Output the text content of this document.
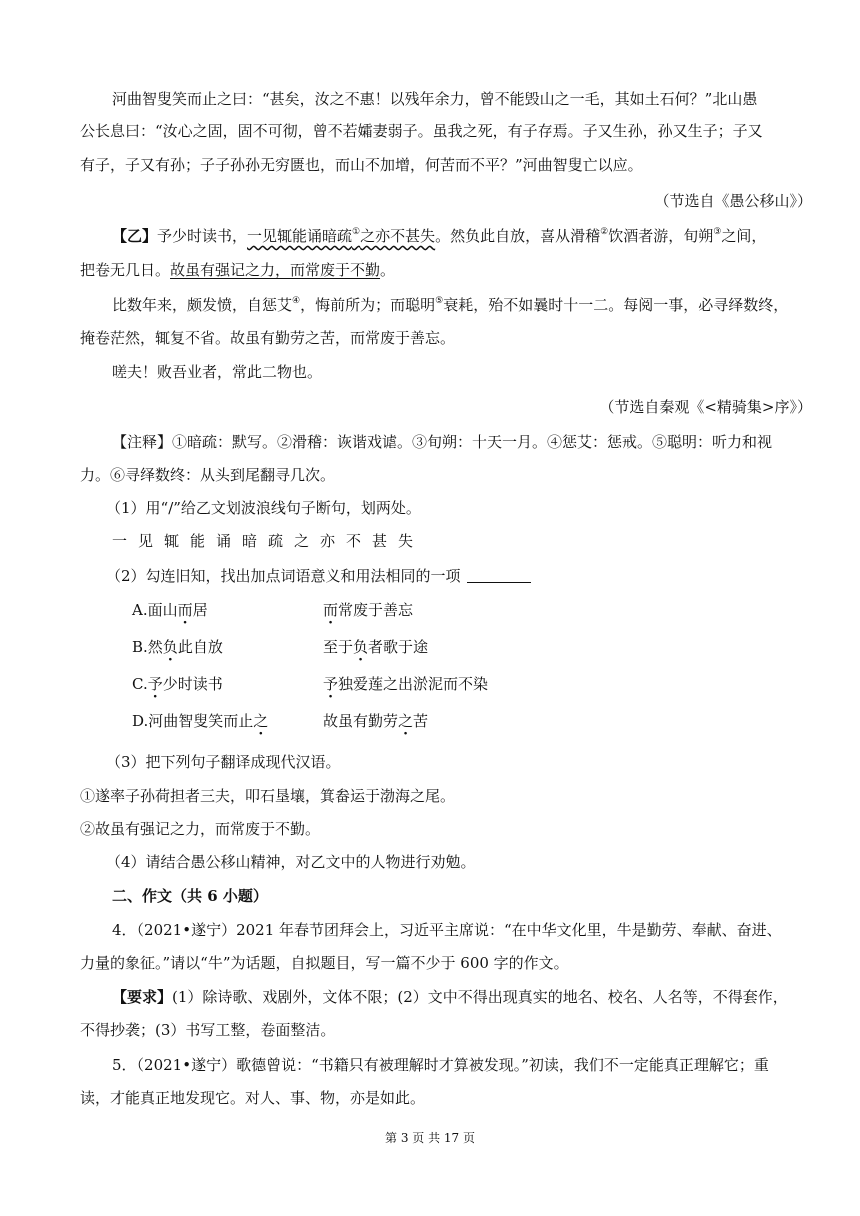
河曲智叟笑而止之曰：“甚矣，汝之不惠！以残年余力，曾不能毁山之一毛，其如土石何？”北山愚
公长息曰：“汝心之固，固不可彻，曾不若孀妻弱子。虽我之死，有子存焉。子又生孙，孙又生子；子又
有子，子又有孙；子子孙孙无穷匮也，而山不加增，何苦而不平？”河曲智叟亡以应。
（节选自《愚公移山》）
【乙】予少时读书，一见辄能诵暗疏①之亦不甚失。然负此自放，喜从滑稽②饮酒者游，旬朔③之间，
把卷无几日。故虽有强记之力，而常废于不勤。
比数年来，颇发愤，自惩艾④，悔前所为；而聪明⑤衰耗，殆不如曩时十一二。每阅一事，必寻绎数终，
掩卷茫然，辄复不省。故虽有勤劳之苦，而常废于善忘。
嗟夫！败吾业者，常此二物也。
（节选自秦观《<精骑集>序》）
【注释】①暗疏：默写。②滑稽：诙谐戏谑。③旬朔：十天一月。④惩艾：惩戒。⑤聪明：听力和视
力。⑥寻绎数终：从头到尾翻寻几次。
（1）用“/”给乙文划波浪线句子断句，划两处。
一见辄能诵暗疏之亦不甚失
（2）勾连旧知，找出加点词语意义和用法相同的一项
A.面山而居	而常废于善忘
B.然负此自放	至于负者歌于途
C.予少时读书	予独爱莲之出淤泥而不染
D.河曲智叟笑而止之	故虽有勤劳之苦
（3）把下列句子翻译成现代汉语。
①遂率子孙荷担者三夫，叩石垦壤，箕畚运于渤海之尾。
②故虽有强记之力，而常废于不勤。
（4）请结合愚公移山精神，对乙文中的人物进行劝勉。
二、作文（共 6 小题）
4．（2021•遂宁）2021 年春节团拜会上，习近平主席说：“在中华文化里，牛是勤劳、奉献、奋进、
力量的象征。”请以“牛”为话题，自拟题目，写一篇不少于 600 字的作文。
【要求】(1）除诗歌、戏剧外，文体不限；(2）文中不得出现真实的地名、校名、人名等，不得套作，
不得抄袭；(3）书写工整，卷面整洁。
5．（2021•遂宁）歌德曾说：“书籍只有被理解时才算被发现。”初读，我们不一定能真正理解它；重
读，才能真正地发现它。对人、事、物，亦是如此。
第 3 页 共 17 页
